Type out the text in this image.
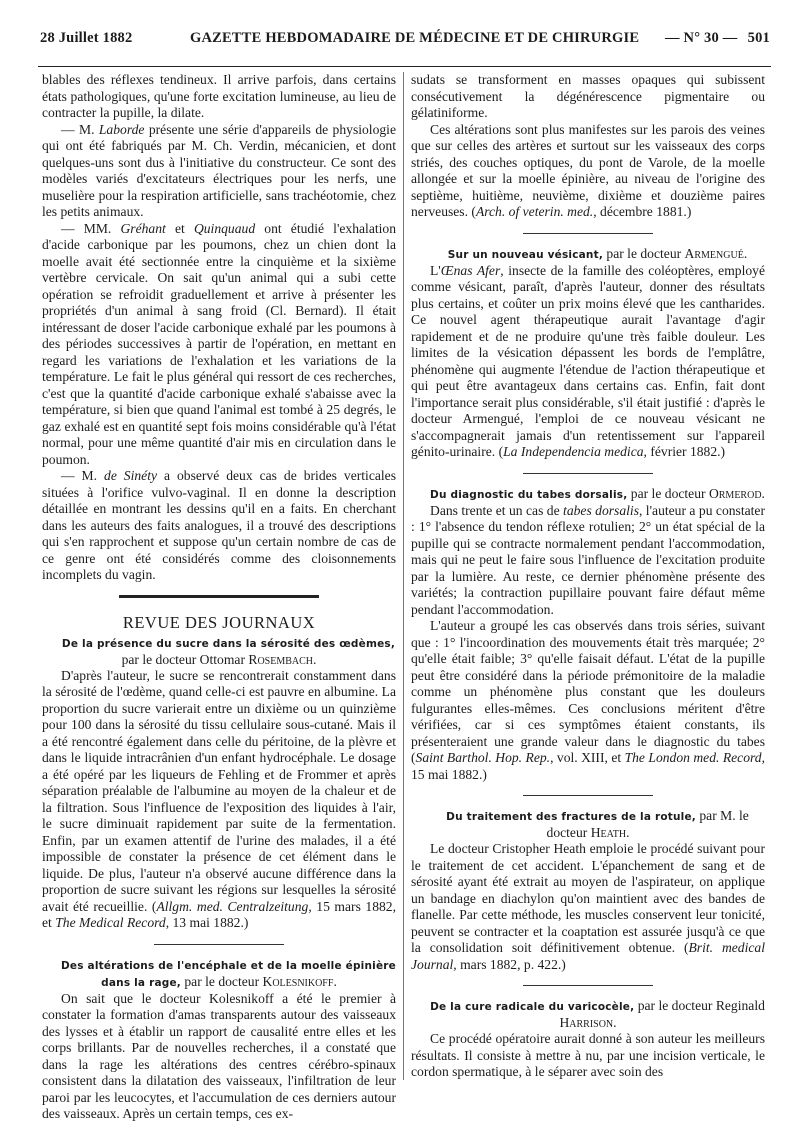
28 Juillet 1882	GAZETTE HEBDOMADAIRE DE MÉDECINE ET DE CHIRURGIE — N° 30 — 501

blables des réflexes tendineux. Il arrive parfois, dans certains états pathologiques, qu'une forte excitation lumineuse, au lieu de contracter la pupille, la dilate.

— M. Laborde présente une série d'appareils de physiologie qui ont été fabriqués par M. Ch. Verdin, mécanicien, et dont quelques-uns sont dus à l'initiative du constructeur. Ce sont des modèles variés d'excitateurs électriques pour les nerfs, une muselière pour la respiration artificielle, sans trachéotomie, chez les petits animaux.

— MM. Gréhant et Quinquaud ont étudié l'exhalation d'acide carbonique par les poumons, chez un chien dont la moelle avait été sectionnée entre la cinquième et la sixième vertèbre cervicale. On sait qu'un animal qui a subi cette opération se refroidit graduellement et arrive à présenter les propriétés d'un animal à sang froid (Cl. Bernard). Il était intéressant de doser l'acide carbonique exhalé par les poumons à des périodes successives à partir de l'opération, en mettant en regard les variations de l'exhalation et les variations de la température. Le fait le plus général qui ressort de ces recherches, c'est que la quantité d'acide carbonique exhalé s'abaisse avec la température, si bien que quand l'animal est tombé à 25 degrés, le gaz exhalé est en quantité sept fois moins considérable qu'à l'état normal, pour une même quantité d'air mis en circulation dans le poumon.

— M. de Sinéty a observé deux cas de brides verticales situées à l'orifice vulvo-vaginal. Il en donne la description détaillée en montrant les dessins qu'il en a faits. En cherchant dans les auteurs des faits analogues, il a trouvé des descriptions qui s'en rapprochent et suppose qu'un certain nombre de cas de ce genre ont été considérés comme des cloisonnements incomplets du vagin.

REVUE DES JOURNAUX

De la présence du sucre dans la sérosité des œdèmes,
par le docteur Ottomar Rosembach.

D'après l'auteur, le sucre se rencontrerait constamment dans la sérosité de l'œdème, quand celle-ci est pauvre en albumine. La proportion du sucre varierait entre un dixième ou un quinzième pour 100 dans la sérosité du tissu cellulaire sous-cutané. Mais il a été rencontré également dans celle du péritoine, de la plèvre et dans le liquide intracrânien d'un enfant hydrocéphale. Le dosage a été opéré par les liqueurs de Fehling et de Frommer et après séparation préalable de l'albumine au moyen de la chaleur et de la filtration. Sous l'influence de l'exposition des liquides à l'air, le sucre diminuait rapidement par suite de la fermentation. Enfin, par un examen attentif de l'urine des malades, il a été impossible de constater la présence de cet élément dans le liquide. De plus, l'auteur n'a observé aucune différence dans la proportion de sucre suivant les régions sur lesquelles la sérosité avait été recueillie. (Allgm. med. Centralzeitung, 15 mars 1882, et The Medical Record, 13 mai 1882.)

Des altérations de l'encéphale et de la moelle épinière dans la rage, par le docteur Kolesnikoff.

On sait que le docteur Kolesnikoff a été le premier à constater la formation d'amas transparents autour des vaisseaux des lysses et à établir un rapport de causalité entre elles et les corps brillants. Par de nouvelles recherches, il a constaté que dans la rage les altérations des centres cérébro-spinaux consistent dans la dilatation des vaisseaux, l'infiltration de leur paroi par les leucocytes, et l'accumulation de ces derniers autour des vaisseaux. Après un certain temps, ces ex-

sudats se transforment en masses opaques qui subissent consécutivement la dégénérescence pigmentaire ou gélatiniforme.

Ces altérations sont plus manifestes sur les parois des veines que sur celles des artères et surtout sur les vaisseaux des corps striés, des couches optiques, du pont de Varole, de la moelle allongée et sur la moelle épinière, au niveau de l'origine des septième, huitième, neuvième, dixième et douzième paires nerveuses. (Arch. of veterin. med., décembre 1881.)

Sur un nouveau vésicant, par le docteur Armengué.

L'Œnas Afer, insecte de la famille des coléoptères, employé comme vésicant, paraît, d'après l'auteur, donner des résultats plus certains, et coûter un prix moins élevé que les cantharides. Ce nouvel agent thérapeutique aurait l'avantage d'agir rapidement et de ne produire qu'une très faible douleur. Les limites de la vésication dépassent les bords de l'emplâtre, phénomène qui augmente l'étendue de l'action thérapeutique et qui peut être avantageux dans certains cas. Enfin, fait dont l'importance serait plus considérable, s'il était justifié : d'après le docteur Armengué, l'emploi de ce nouveau vésicant ne s'accompagnerait jamais d'un retentissement sur l'appareil génito-urinaire. (La Independencia medica, février 1882.)

Du diagnostic du tabes dorsalis, par le docteur Ormerod.

Dans trente et un cas de tabes dorsalis, l'auteur a pu constater : 1° l'absence du tendon réflexe rotulien; 2° un état spécial de la pupille qui se contracte normalement pendant l'accommodation, mais qui ne peut le faire sous l'influence de l'excitation produite par la lumière. Au reste, ce dernier phénomène présente des variétés; la contraction pupillaire pouvant faire défaut même pendant l'accommodation.

L'auteur a groupé les cas observés dans trois séries, suivant que : 1° l'incoordination des mouvements était très marquée; 2° qu'elle était faible; 3° qu'elle faisait défaut. L'état de la pupille peut être considéré dans la période prémonitoire de la maladie comme un phénomène plus constant que les douleurs fulgurantes elles-mêmes. Ces conclusions méritent d'être vérifiées, car si ces symptômes étaient constants, ils présenteraient une grande valeur dans le diagnostic du tabes (Saint Barthol. Hop. Rep., vol. XIII, et The London med. Record, 15 mai 1882.)

Du traitement des fractures de la rotule, par M. le docteur Heath.

Le docteur Cristopher Heath emploie le procédé suivant pour le traitement de cet accident. L'épanchement de sang et de sérosité ayant été extrait au moyen de l'aspirateur, on applique un bandage en diachylon qu'on maintient avec des bandes de flanelle. Par cette méthode, les muscles conservent leur tonicité, peuvent se contracter et la coaptation est assurée jusqu'à ce que la consolidation soit définitivement obtenue. (Brit. medical Journal, mars 1882, p. 422.)

De la cure radicale du varicocèle, par le docteur Reginald Harrison.

Ce procédé opératoire aurait donné à son auteur les meilleurs résultats. Il consiste à mettre à nu, par une incision verticale, le cordon spermatique, à le séparer avec soin des
